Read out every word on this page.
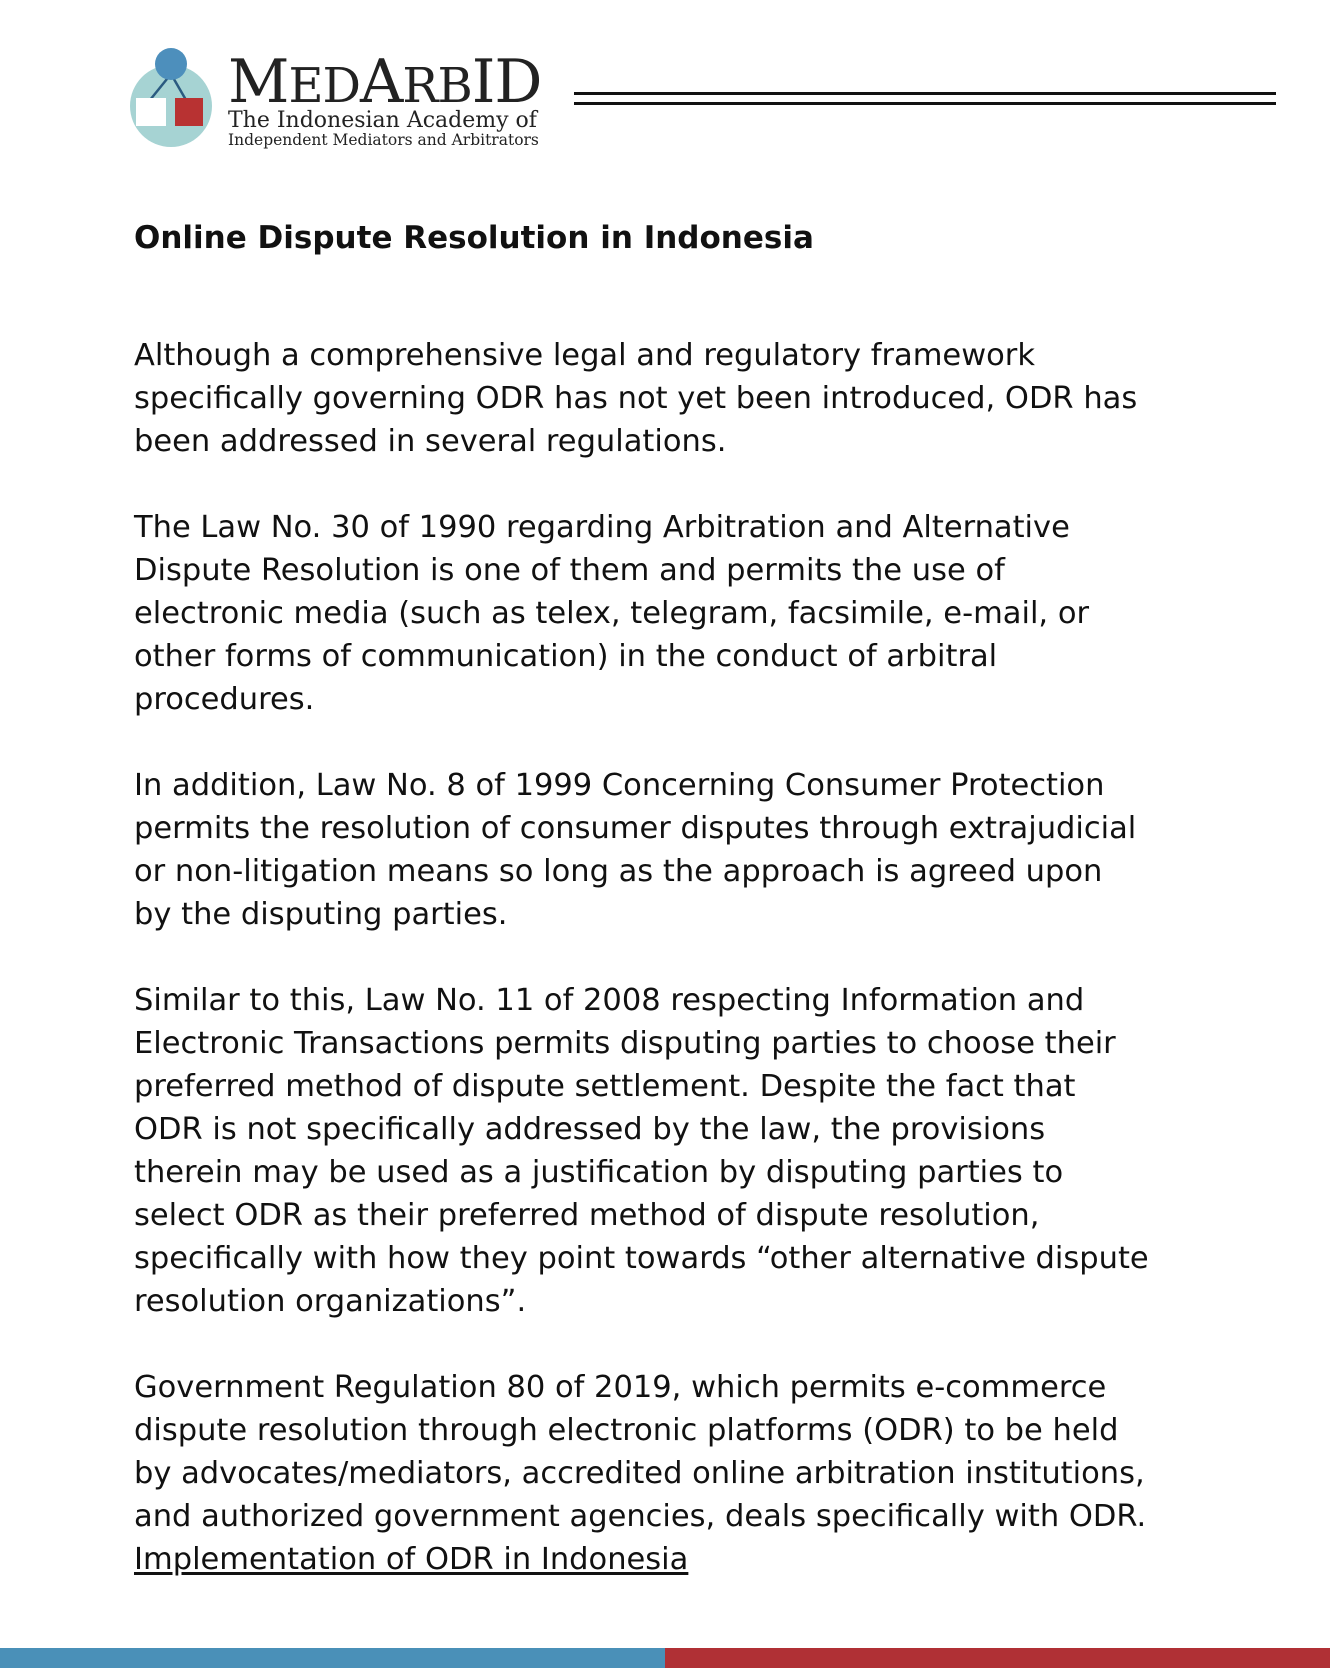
MEDARBID
The Indonesian Academy of
Independent Mediators and Arbitrators
Online Dispute Resolution in Indonesia
Although a comprehensive legal and regulatory framework
specifically governing ODR has not yet been introduced, ODR has
been addressed in several regulations.
The Law No. 30 of 1990 regarding Arbitration and Alternative
Dispute Resolution is one of them and permits the use of
electronic media (such as telex, telegram, facsimile, e-mail, or
other forms of communication) in the conduct of arbitral
procedures.
In addition, Law No. 8 of 1999 Concerning Consumer Protection
permits the resolution of consumer disputes through extrajudicial
or non-litigation means so long as the approach is agreed upon
by the disputing parties.
Similar to this, Law No. 11 of 2008 respecting Information and
Electronic Transactions permits disputing parties to choose their
preferred method of dispute settlement. Despite the fact that
ODR is not specifically addressed by the law, the provisions
therein may be used as a justification by disputing parties to
select ODR as their preferred method of dispute resolution,
specifically with how they point towards “other alternative dispute
resolution organizations”.
Government Regulation 80 of 2019, which permits e-commerce
dispute resolution through electronic platforms (ODR) to be held
by advocates/mediators, accredited online arbitration institutions,
and authorized government agencies, deals specifically with ODR.
Implementation of ODR in Indonesia
